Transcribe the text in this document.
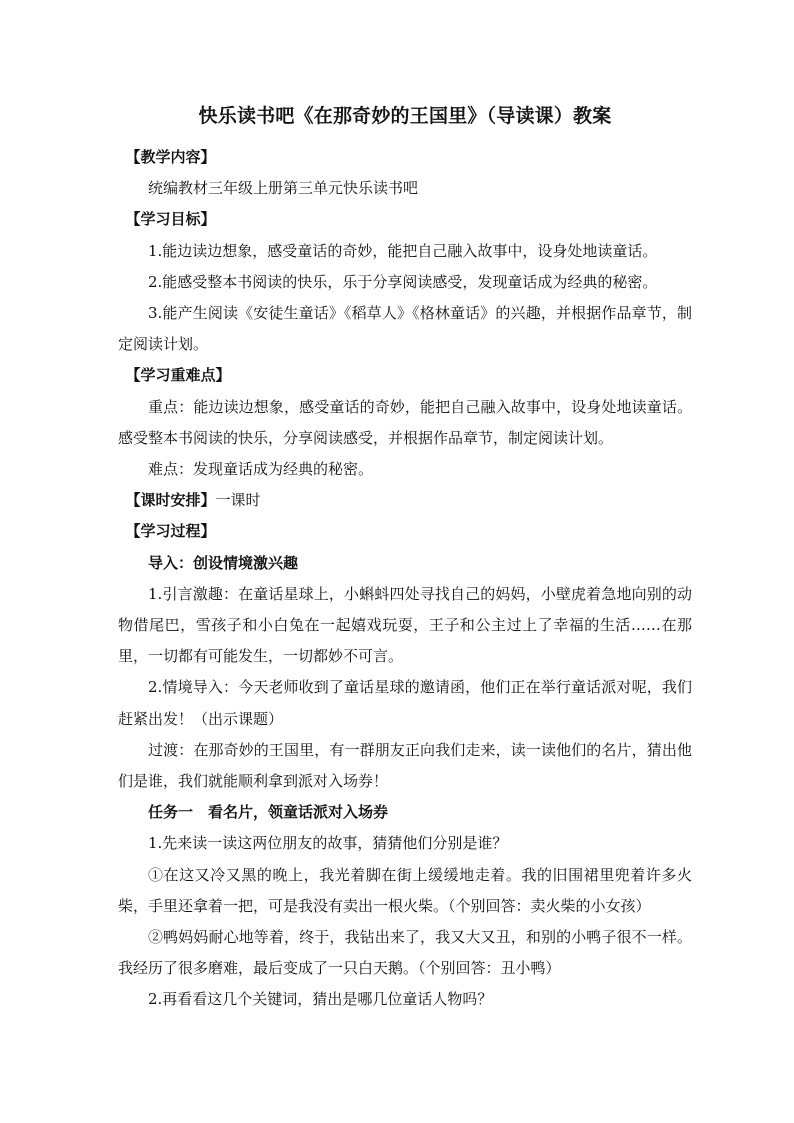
快乐读书吧《在那奇妙的王国里》（导读课）教案

【教学内容】

统编教材三年级上册第三单元快乐读书吧

【学习目标】

1.能边读边想象，感受童话的奇妙，能把自己融入故事中，设身处地读童话。

2.能感受整本书阅读的快乐，乐于分享阅读感受，发现童话成为经典的秘密。

3.能产生阅读《安徒生童话》《稻草人》《格林童话》的兴趣，并根据作品章节，制定阅读计划。

【学习重难点】

重点：能边读边想象，感受童话的奇妙，能把自己融入故事中，设身处地读童话。感受整本书阅读的快乐，分享阅读感受，并根据作品章节，制定阅读计划。

难点：发现童话成为经典的秘密。

【课时安排】一课时

【学习过程】

导入：创设情境激兴趣

1.引言激趣：在童话星球上，小蝌蚪四处寻找自己的妈妈，小壁虎着急地向别的动物借尾巴，雪孩子和小白兔在一起嬉戏玩耍，王子和公主过上了幸福的生活……在那里，一切都有可能发生，一切都妙不可言。

2.情境导入：今天老师收到了童话星球的邀请函，他们正在举行童话派对呢，我们赶紧出发！（出示课题）

过渡：在那奇妙的王国里，有一群朋友正向我们走来，读一读他们的名片，猜出他们是谁，我们就能顺利拿到派对入场券！

任务一　看名片，领童话派对入场券

1.先来读一读这两位朋友的故事，猜猜他们分别是谁？

①在这又冷又黑的晚上，我光着脚在街上缓缓地走着。我的旧围裙里兜着许多火柴，手里还拿着一把，可是我没有卖出一根火柴。（个别回答：卖火柴的小女孩）

②鸭妈妈耐心地等着，终于，我钻出来了，我又大又丑，和别的小鸭子很不一样。我经历了很多磨难，最后变成了一只白天鹅。（个别回答：丑小鸭）

2.再看看这几个关键词，猜出是哪几位童话人物吗？
